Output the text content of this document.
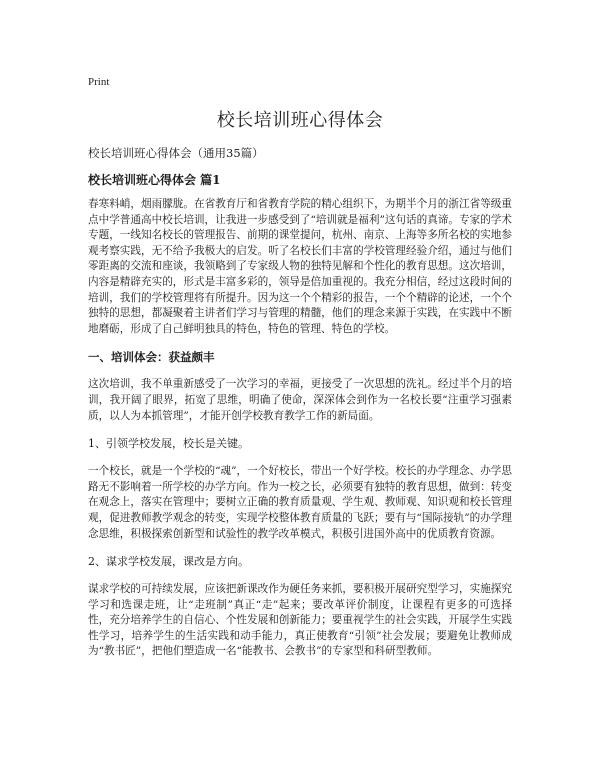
Print
校长培训班心得体会
校长培训班心得体会（通用35篇）
校长培训班心得体会 篇1

春寒料峭，烟雨朦胧。在省教育厅和省教育学院的精心组织下，为期半个月的浙江省等级重点中学普通高中校长培训，让我进一步感受到了“培训就是福利”这句话的真谛。专家的学术专题，一线知名校长的管理报告、前期的课堂提问，杭州、南京、上海等多所名校的实地参观考察实践，无不给予我极大的启发。听了名校长们丰富的学校管理经验介绍，通过与他们零距离的交流和座谈，我领略到了专家级人物的独特见解和个性化的教育思想。这次培训，内容是精辟充实的，形式是丰富多彩的，领导是倍加重视的。我充分相信，经过这段时间的培训，我们的学校管理将有所提升。因为这一个个精彩的报告，一个个精辟的论述，一个个独特的思想，都凝聚着主讲者们学习与管理的精髓，他们的理念来源于实践，在实践中不断地磨砺，形成了自己鲜明独具的特色，特色的管理、特色的学校。

一、培训体会：获益颇丰

这次培训，我不单重新感受了一次学习的幸福，更接受了一次思想的洗礼。经过半个月的培训，我开阔了眼界，拓宽了思维，明确了使命，深深体会到作为一名校长要“注重学习强素质，以人为本抓管理”，才能开创学校教育教学工作的新局面。

1、引领学校发展，校长是关键。

一个校长，就是一个学校的“魂”，一个好校长，带出一个好学校。校长的办学理念、办学思路无不影响着一所学校的办学方向。作为一校之长，必须要有独特的教育思想，做到：转变在观念上，落实在管理中；要树立正确的教育质量观、学生观、教师观、知识观和校长管理观，促进教师教学观念的转变，实现学校整体教育质量的飞跃；要有与“国际接轨”的办学理念思维，积极探索创新型和试验性的教学改革模式，积极引进国外高中的优质教育资源。

2、谋求学校发展，课改是方向。

谋求学校的可持续发展，应该把新课改作为硬任务来抓，要积极开展研究型学习，实施探究学习和选课走班，让“走班制”真正“走”起来；要改革评价制度，让课程有更多的可选择性，充分培养学生的自信心、个性发展和创新能力；要重视学生的社会实践，开展学生实践性学习，培养学生的生活实践和动手能力，真正使教育“引领”社会发展；要避免让教师成为“教书匠”，把他们塑造成一名“能教书、会教书”的专家型和科研型教师。
